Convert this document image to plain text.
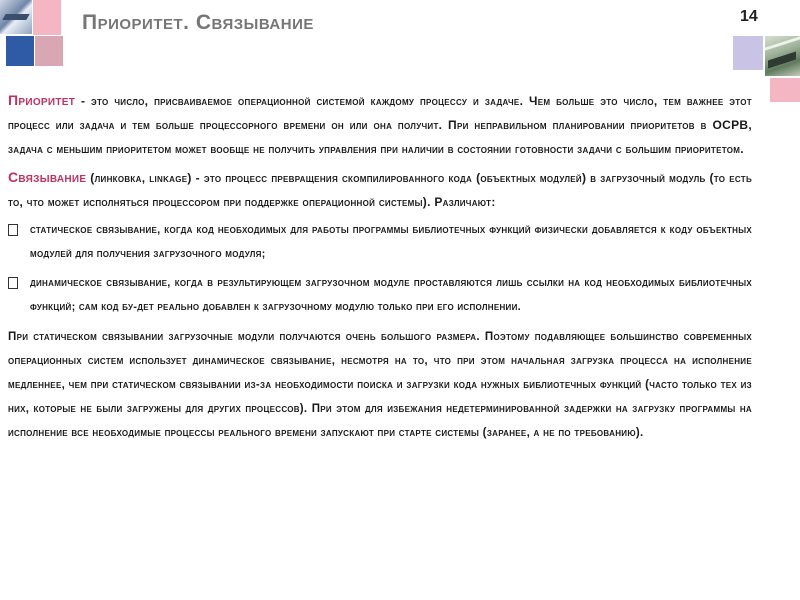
Приоритет. Связывание	14

Приоритет - это число, присваиваемое операционной системой каждому процессу и задаче. Чем больше это число, тем важнее этот процесс или задача и тем больше процессорного времени он или она получит. При неправильном планировании приоритетов в ОСРВ, задача с меньшим приоритетом может вообще не получить управления при наличии в состоянии готовности задачи с большим приоритетом.

Связывание (линковка, linkage) - это процесс превращения скомпилированного кода (объектных модулей) в загрузочный модуль (то есть то, что может исполняться процессором при поддержке операционной системы). Различают:

статическое связывание, когда код необходимых для работы программы библиотечных функций физически добавляется к коду объектных модулей для получения загрузочного модуля;
динамическое связывание, когда в результирующем загрузочном модуле проставляются лишь ссылки на код необходимых библиотечных функций; сам код бу-дет реально добавлен к загрузочному модулю только при его исполнении.

При статическом связывании загрузочные модули получаются очень большого размера. Поэтому подавляющее большинство современных операционных систем использует динамическое связывание, несмотря на то, что при этом начальная загрузка процесса на исполнение медленнее, чем при статическом связывании из-за необходимости поиска и загрузки кода нужных библиотечных функций (часто только тех из них, которые не были загружены для других процессов). При этом для избежания недетерминированной задержки на загрузку программы на исполнение все необходимые процессы реального времени запускают при старте системы (заранее, а не по требованию).
